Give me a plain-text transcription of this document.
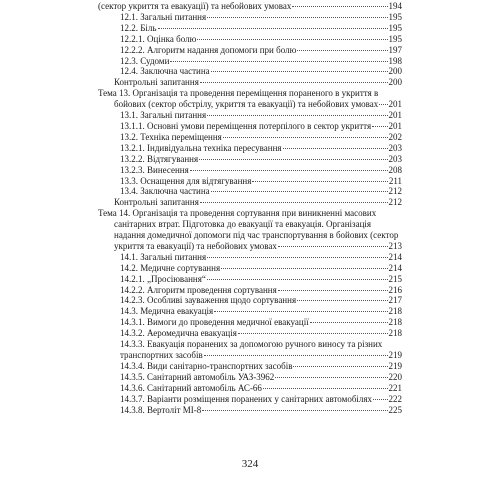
(сектор укриття та евакуації) та небойових умовах	194
12.1. Загальні питання	195
12.2. Біль	195
12.2.1. Оцінка болю	195
12.2.2. Алгоритм надання допомоги при болю	197
12.3. Судоми	198
12.4. Заключна частина	200
Контрольні запитання	200
Тема 13. Організація та проведення переміщення пораненого в укриття в
бойових (сектор обстрілу, укриття та евакуації) та небойових умовах 201
13.1. Загальні питання	201
13.1.1. Основні умови переміщення потерпілого в сектор укриття 201
13.2. Техніка переміщення	202
13.2.1. Індивідуальна техніка пересування	203
13.2.2. Відтягування	203
13.2.3. Винесення	208
13.3. Оснащення для відтягування	211
13.4. Заключна частина	212
Контрольні запитання	212
Тема 14. Організація та проведення сортування при виникненні масових
санітарних втрат. Підготовка до евакуації та евакуація. Організація
надання домедичної допомоги під час транспортування в бойових (сектор
укриття та евакуації) та небойових умовах	213
14.1. Загальні питання	214
14.2. Медичне сортування	214
14.2.1. „Просіювання“	215
14.2.2. Алгоритм проведення сортування	216
14.2.3. Особливі зауваження щодо сортування	217
14.3. Медична евакуація	218
14.3.1. Вимоги до проведення медичної евакуації	218
14.3.2. Аеромедична евакуація	218
14.3.3. Евакуація поранених за допомогою ручного виносу та різних
транспортних засобів	219
14.3.4. Види санітарно-транспортних засобів	219
14.3.5. Санітарний автомобіль УАЗ-3962	220
14.3.6. Санітарний автомобіль АС-66	221
14.3.7. Варіанти розміщення поранених у санітарних автомобілях 222
14.3.8. Вертоліт МІ-8	225
324
